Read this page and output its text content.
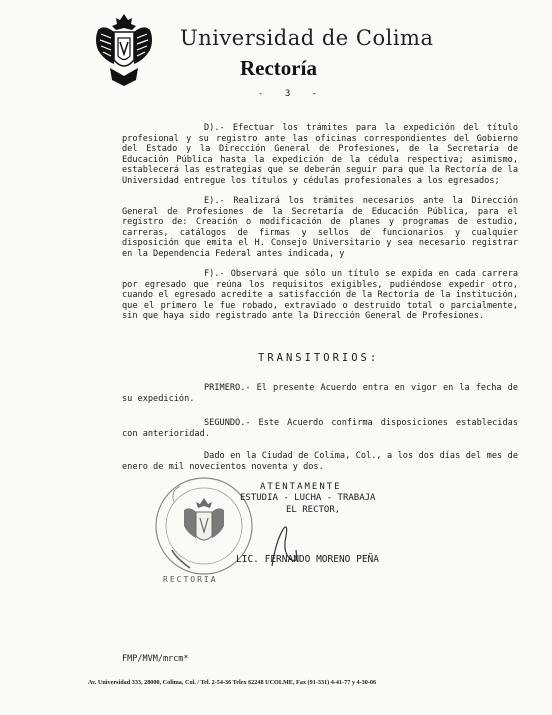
Universidad de Colima
Rectoría
- 3 -

D).- Efectuar los trámites para la expedición del título profesional y su registro ante las oficinas correspondientes del Gobierno del Estado y la Dirección General de Profesiones, de la Secretaría de Educación Pública hasta la expedición de la cédula respectiva; asimismo, establecerá las estrategias que se deberán seguir para que la Rectoría de la Universidad entregue los títulos y cédulas profesionales a los egresados;

E).- Realizará los trámites necesarios ante la Dirección General de Profesiones de la Secretaría de Educación Pública, para el registro de: Creación o modificación de planes y programas de estudio, carreras, catálogos de firmas y sellos de funcionarios y cualquier disposición que emita el H. Consejo Universitario y sea necesario registrar en la Dependencia Federal antes indicada, y

F).- Observará que sólo un título se expida en cada carrera por egresado que reúna los requisitos exigibles, pudiéndose expedir otro, cuando el egresado acredite a satisfacción de la Rectoría de la institución, que el primero le fue robado, extraviado o destruido total o parcialmente, sin que haya sido registrado ante la Dirección General de Profesiones.

TRANSITORIOS:

PRIMERO.- El presente Acuerdo entra en vigor en la fecha de su expedición.

SEGUNDO.- Este Acuerdo confirma disposiciones establecidas con anterioridad.

Dado en la Ciudad de Colima, Col., a los dos días del mes de enero de mil novecientos noventa y dos.

ATENTAMENTE
ESTUDIA - LUCHA - TRABAJA
EL RECTOR,
LIC. FERNANDO MORENO PEÑA
RECTORIA
FMP/MVM/mrcm*
Av. Universidad 333, 28000, Colima, Col. / Tel. 2-54-36 Telex 62248 UCOLME, Fax (91-331) 4-41-77 y 4-30-06
